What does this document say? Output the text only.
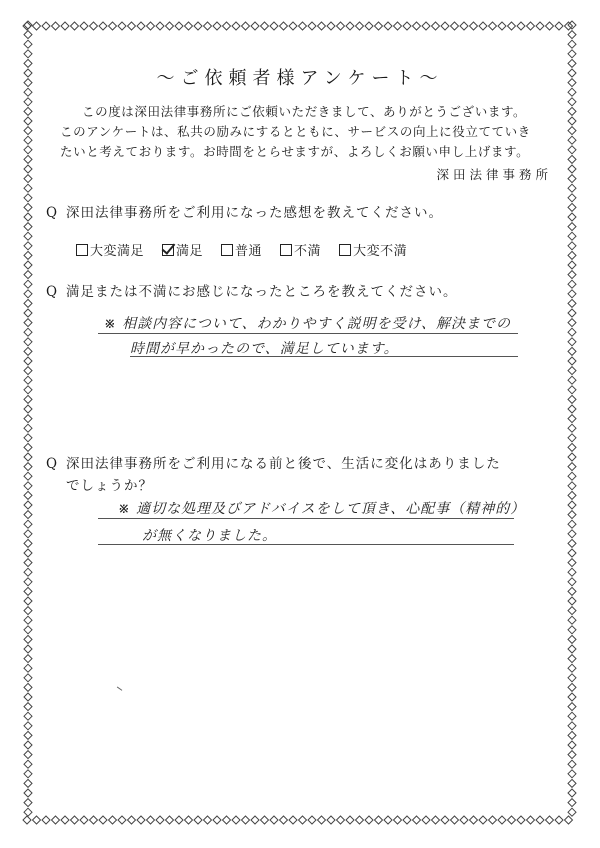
〜ご依頼者様アンケート〜

この度は深田法律事務所にご依頼いただきまして、ありがとうございます。

このアンケートは、私共の励みにするとともに、サービスの向上に役立てていき

たいと考えております。お時間をとらせますが、よろしくお願い申し上げます。

深田法律事務所
Q 深田法律事務所をご利用になった感想を教えてください。
大変満足 満足 普通 不満 大変不満
Q 満足または不満にお感じになったところを教えてください。
※ 相談内容について、わかりやすく説明を受け、解決までの
時間が早かったので、満足しています。
Q 深田法律事務所をご利用になる前と後で、生活に変化はありました
でしょうか？
※ 適切な処理及びアドバイスをして頂き、心配事（精神的）
が無くなりました。
